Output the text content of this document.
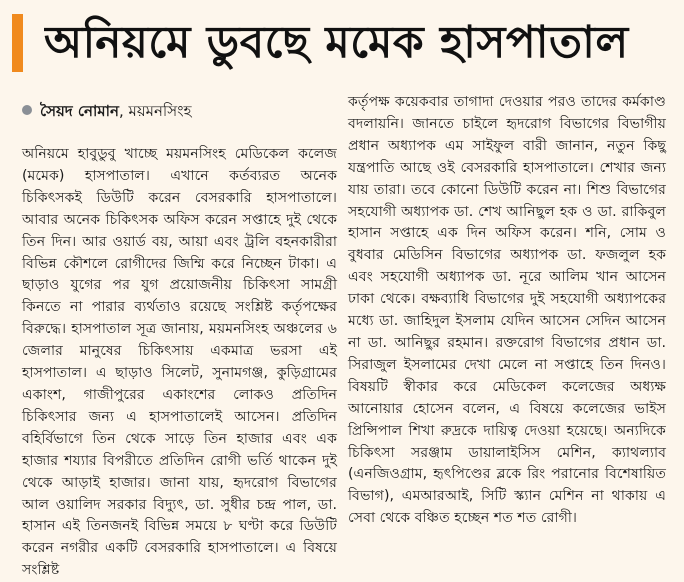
অনিয়মে ডুবছে মমেক হাসপাতাল
সৈয়দ নোমান, ময়মনসিংহ

অনিয়মে হাবুডুবু খাচ্ছে ময়মনসিংহ মেডিকেল কলেজ (মমেক) হাসপাতাল। এখানে কর্তব্যরত অনেক চিকিৎসকই ডিউটি করেন বেসরকারি হাসপাতালে। আবার অনেক চিকিৎসক অফিস করেন সপ্তাহে দুই থেকে তিন দিন। আর ওয়ার্ড বয়, আয়া এবং ট্রলি বহনকারীরা বিভিন্ন কৌশলে রোগীদের জিম্মি করে নিচ্ছেন টাকা। এ ছাড়াও যুগের পর যুগ প্রয়োজনীয় চিকিৎসা সামগ্রী কিনতে না পারার ব্যর্থতাও রয়েছে সংশ্লিষ্ট কর্তৃপক্ষের বিরুদ্ধে। হাসপাতাল সূত্র জানায়, ময়মনসিংহ অঞ্চলের ৬ জেলার মানুষের চিকিৎসায় একমাত্র ভরসা এই হাসপাতাল। এ ছাড়াও সিলেট, সুনামগঞ্জ, কুড়িগ্রামের একাংশ, গাজীপুরের একাংশের লোকও প্রতিদিন চিকিৎসার জন্য এ হাসপাতালেই আসেন। প্রতিদিন বহির্বিভাগে তিন থেকে সাড়ে তিন হাজার এবং এক হাজার শয্যার বিপরীতে প্রতিদিন রোগী ভর্তি থাকেন দুই থেকে আড়াই হাজার। জানা যায়, হৃদরোগ বিভাগের আল ওয়ালিদ সরকার বিদ্যুৎ, ডা. সুধীর চন্দ্র পাল, ডা. হাসান এই তিনজনই বিভিন্ন সময়ে ৮ ঘণ্টা করে ডিউটি করেন নগরীর একটি বেসরকারি হাসপাতালে। এ বিষয়ে সংশ্লিষ্ট

কর্তৃপক্ষ কয়েকবার তাগাদা দেওয়ার পরও তাদের কর্মকাণ্ড বদলায়নি। জানতে চাইলে হৃদরোগ বিভাগের বিভাগীয় প্রধান অধ্যাপক এম সাইফুল বারী জানান, নতুন কিছু যন্ত্রপাতি আছে ওই বেসরকারি হাসপাতালে। শেখার জন্য যায় তারা। তবে কোনো ডিউটি করেন না। শিশু বিভাগের সহযোগী অধ্যাপক ডা. শেখ আনিছুল হক ও ডা. রাকিবুল হাসান সপ্তাহে এক দিন অফিস করেন। শনি, সোম ও বুধবার মেডিসিন বিভাগের অধ্যাপক ডা. ফজলুল হক এবং সহযোগী অধ্যাপক ডা. নূরে আলিম খান আসেন ঢাকা থেকে। বক্ষব্যাধি বিভাগের দুই সহযোগী অধ্যাপকের মধ্যে ডা. জাহিদুল ইসলাম যেদিন আসেন সেদিন আসেন না ডা. আনিছুর রহমান। রক্তরোগ বিভাগের প্রধান ডা. সিরাজুল ইসলামের দেখা মেলে না সপ্তাহে তিন দিনও। বিষয়টি স্বীকার করে মেডিকেল কলেজের অধ্যক্ষ আনোয়ার হোসেন বলেন, এ বিষয়ে কলেজের ভাইস প্রিন্সিপাল শিখা রুদ্রকে দায়িত্ব দেওয়া হয়েছে। অন্যদিকে চিকিৎসা সরঞ্জাম ডায়ালাইসিস মেশিন, ক্যাথল্যাব (এনজিওগ্রাম, হৃৎপিণ্ডের ব্লকে রিং পরানোর বিশেষায়িত বিভাগ), এমআরআই, সিটি স্ক্যান মেশিন না থাকায় এ সেবা থেকে বঞ্চিত হচ্ছেন শত শত রোগী।
